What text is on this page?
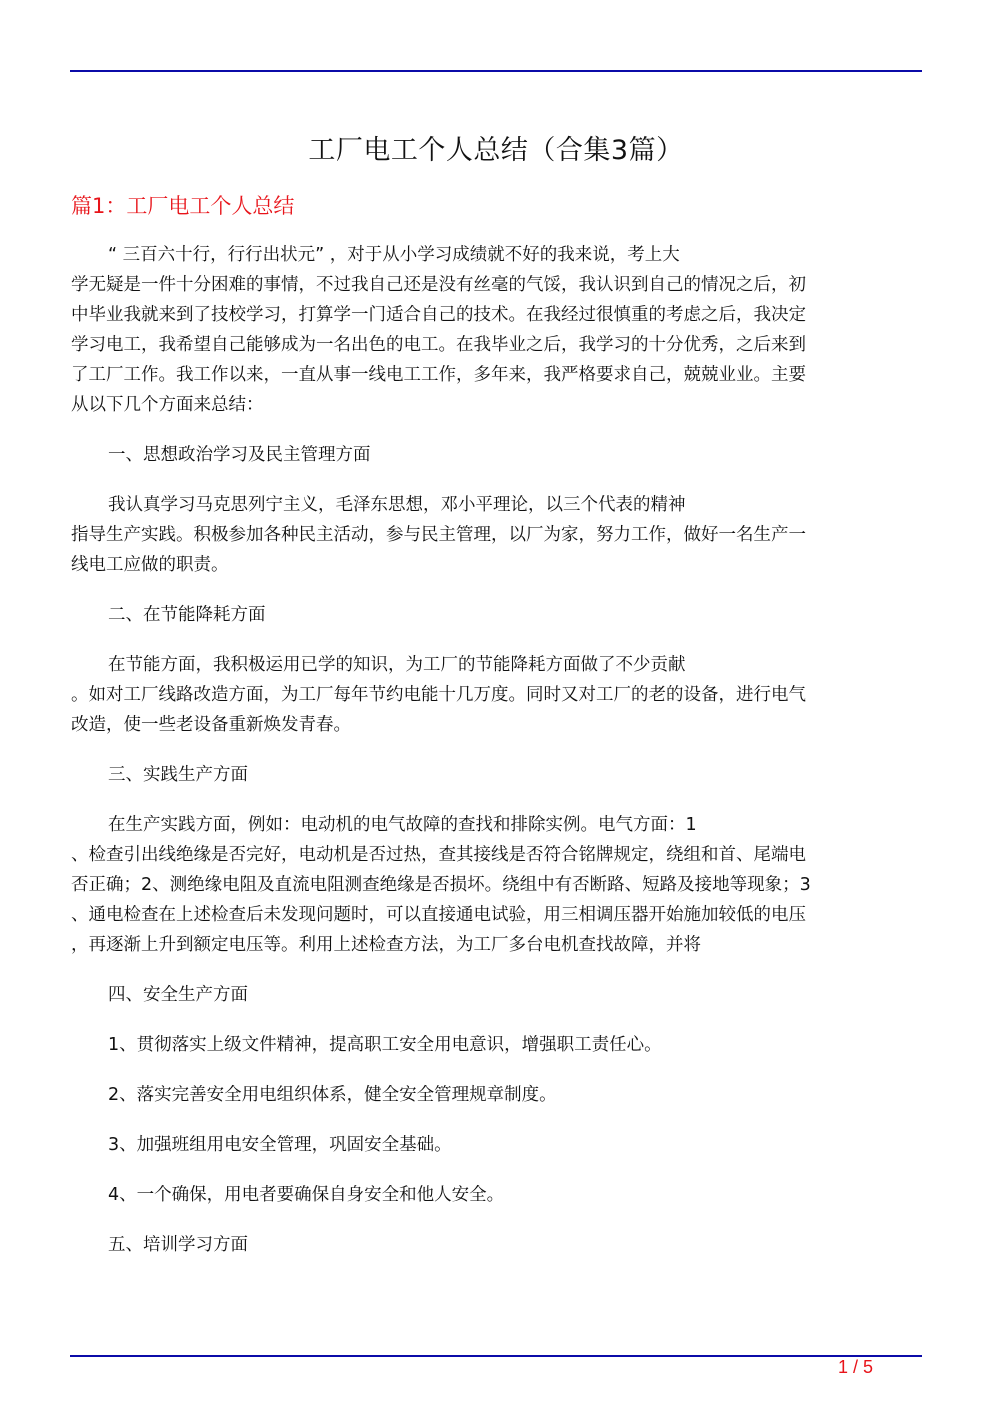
工厂电工个人总结（合集3篇）
篇1：工厂电工个人总结

“ 三百六十行，行行出状元” ，对于从小学习成绩就不好的我来说，考上大
学无疑是一件十分困难的事情，不过我自己还是没有丝毫的气馁，我认识到自己的情况之后，初
中毕业我就来到了技校学习，打算学一门适合自己的技术。在我经过很慎重的考虑之后，我决定
学习电工，我希望自己能够成为一名出色的电工。在我毕业之后，我学习的十分优秀，之后来到
了工厂工作。我工作以来，一直从事一线电工工作，多年来，我严格要求自己，兢兢业业。主要
从以下几个方面来总结：

一、思想政治学习及民主管理方面

我认真学习马克思列宁主义，毛泽东思想，邓小平理论，以三个代表的精神
指导生产实践。积极参加各种民主活动，参与民主管理，以厂为家，努力工作，做好一名生产一
线电工应做的职责。

二、在节能降耗方面

在节能方面，我积极运用已学的知识，为工厂的节能降耗方面做了不少贡献
。如对工厂线路改造方面，为工厂每年节约电能十几万度。同时又对工厂的老的设备，进行电气
改造，使一些老设备重新焕发青春。

三、实践生产方面

在生产实践方面，例如：电动机的电气故障的查找和排除实例。电气方面：1
、检查引出线绝缘是否完好，电动机是否过热，查其接线是否符合铭牌规定，绕组和首、尾端电
否正确；2、测绝缘电阻及直流电阻测查绝缘是否损坏。绕组中有否断路、短路及接地等现象；3
、通电检查在上述检查后未发现问题时，可以直接通电试验，用三相调压器开始施加较低的电压
，再逐渐上升到额定电压等。利用上述检查方法，为工厂多台电机查找故障，并将

四、安全生产方面

1、贯彻落实上级文件精神，提高职工安全用电意识，增强职工责任心。

2、落实完善安全用电组织体系，健全安全管理规章制度。

3、加强班组用电安全管理，巩固安全基础。

4、一个确保，用电者要确保自身安全和他人安全。

五、培训学习方面

1 / 5
